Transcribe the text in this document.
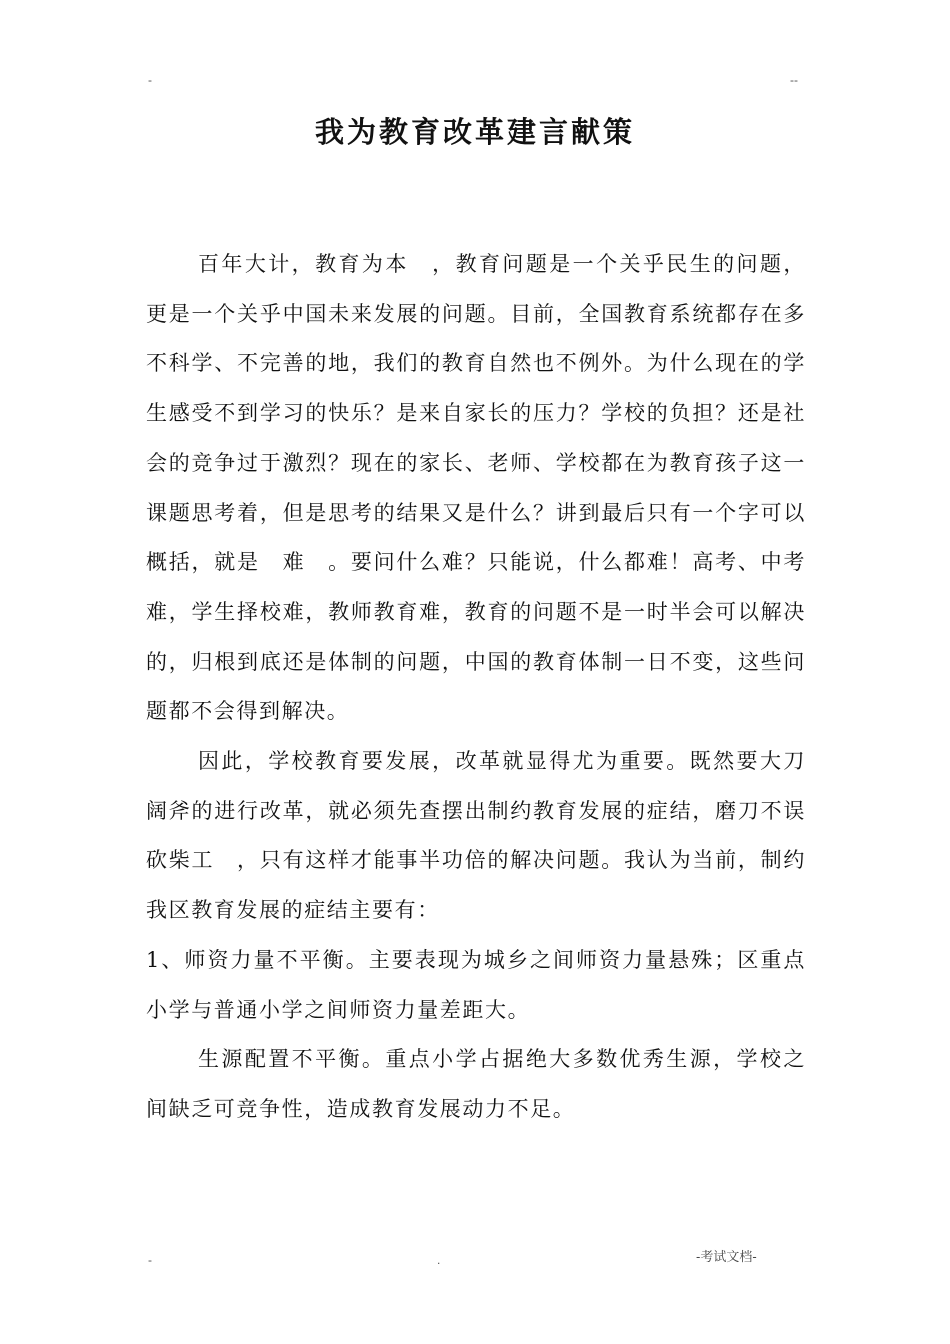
-	--
我为教育改革建言献策

百年大计，教育为本　，教育问题是一个关乎民生的问题，更是一个关乎中国未来发展的问题。目前，全国教育系统都存在多不科学、不完善的地，我们的教育自然也不例外。为什么现在的学生感受不到学习的快乐？是来自家长的压力？学校的负担？还是社会的竞争过于激烈？现在的家长、老师、学校都在为教育孩子这一课题思考着，但是思考的结果又是什么？讲到最后只有一个字可以概括，就是　难　。要问什么难？只能说，什么都难！高考、中考难，学生择校难，教师教育难，教育的问题不是一时半会可以解决的，归根到底还是体制的问题，中国的教育体制一日不变，这些问题都不会得到解决。

因此，学校教育要发展，改革就显得尤为重要。既然要大刀阔斧的进行改革，就必须先查摆出制约教育发展的症结，磨刀不误砍柴工　，只有这样才能事半功倍的解决问题。我认为当前，制约我区教育发展的症结主要有：

1、师资力量不平衡。主要表现为城乡之间师资力量悬殊；区重点小学与普通小学之间师资力量差距大。

生源配置不平衡。重点小学占据绝大多数优秀生源，学校之间缺乏可竞争性，造成教育发展动力不足。

-	.	-考试文档-
